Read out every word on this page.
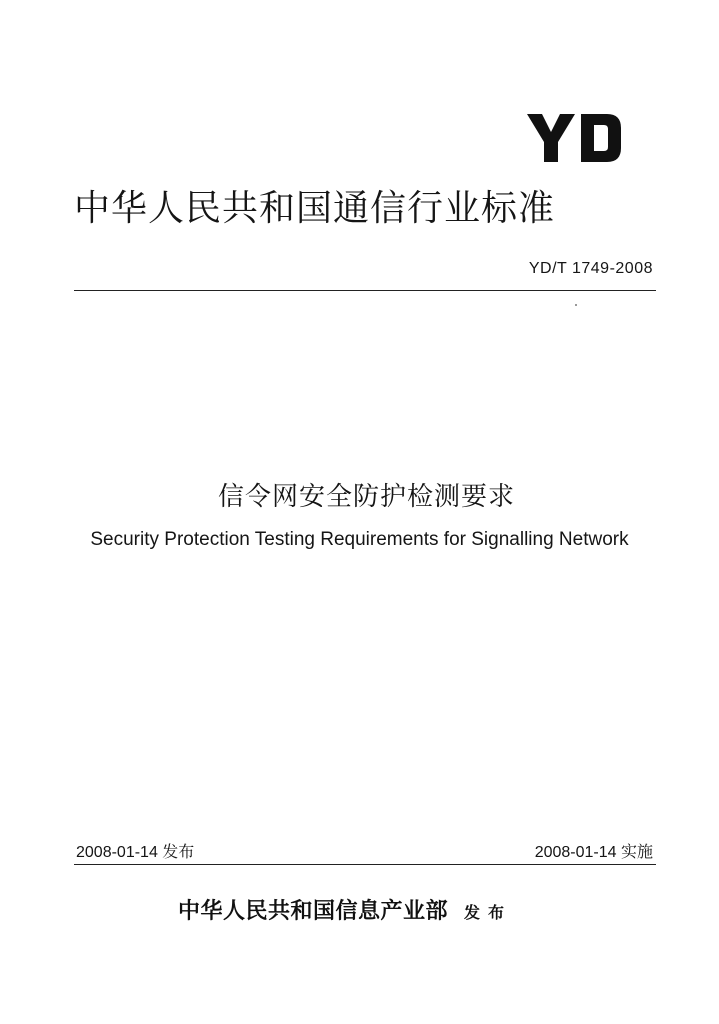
中华人民共和国通信行业标准
YD/T 1749-2008
信令网安全防护检测要求
Security Protection Testing Requirements for Signalling Network
2008-01-14 发布	2008-01-14 实施
中华人民共和国信息产业部 发布
